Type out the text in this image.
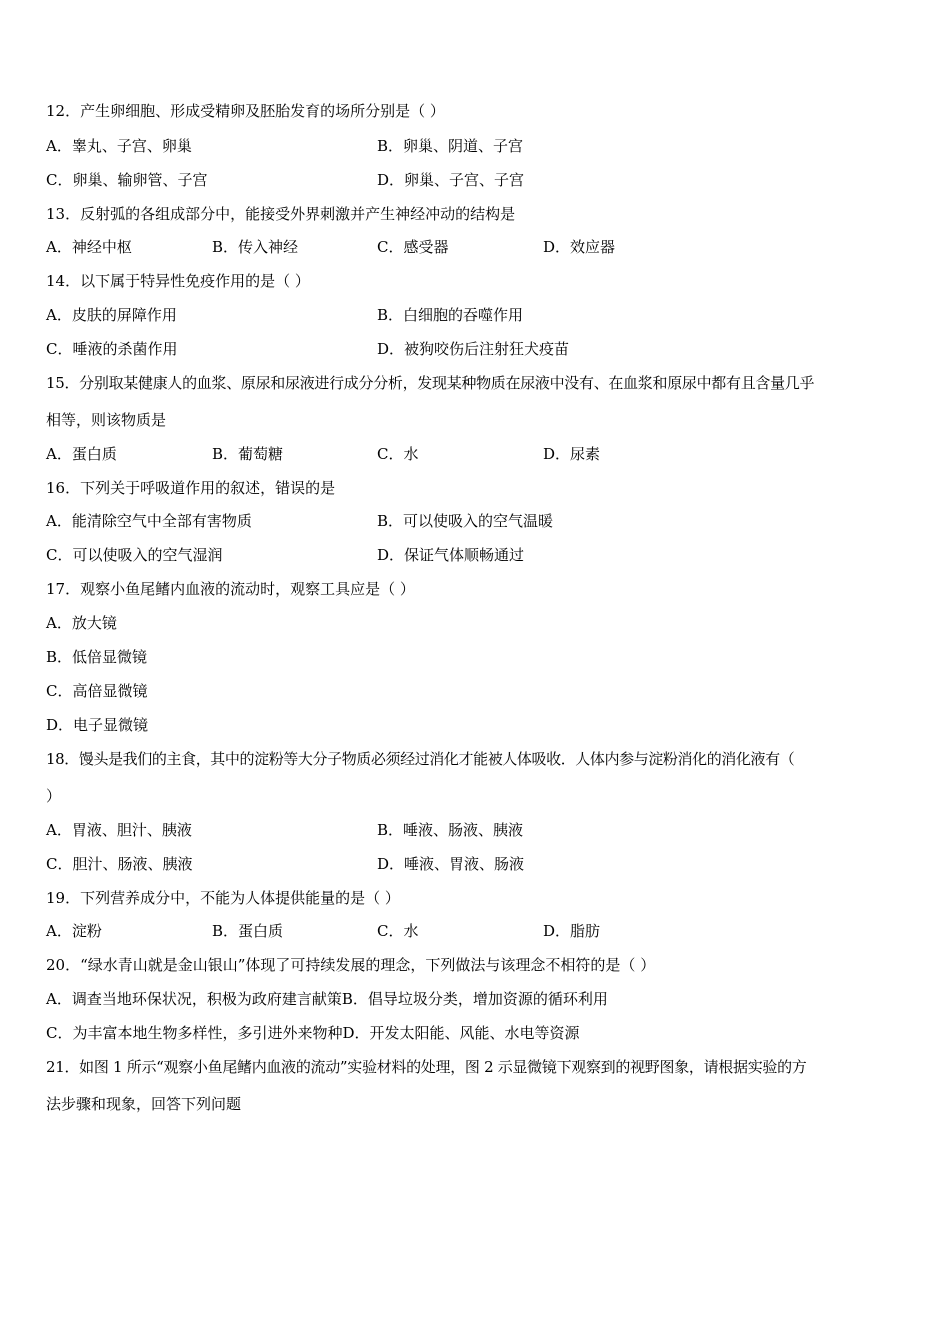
12．产生卵细胞、形成受精卵及胚胎发育的场所分别是（ ）
A．睾丸、子宫、卵巢	B．卵巢、阴道、子宫
C．卵巢、输卵管、子宫	D．卵巢、子宫、子宫
13．反射弧的各组成部分中，能接受外界刺激并产生神经冲动的结构是
A．神经中枢	B．传入神经	C．感受器	D．效应器
14．以下属于特异性免疫作用的是（ ）
A．皮肤的屏障作用	B．白细胞的吞噬作用
C．唾液的杀菌作用	D．被狗咬伤后注射狂犬疫苗
15．分别取某健康人的血浆、原尿和尿液进行成分分析，发现某种物质在尿液中没有、在血浆和原尿中都有且含量几乎
相等，则该物质是
A．蛋白质	B．葡萄糖	C．水	D．尿素
16．下列关于呼吸道作用的叙述，错误的是
A．能清除空气中全部有害物质	B．可以使吸入的空气温暖
C．可以使吸入的空气湿润	D．保证气体顺畅通过
17．观察小鱼尾鳍内血液的流动时，观察工具应是（ ）
A．放大镜
B．低倍显微镜
C．高倍显微镜
D．电子显微镜
18．馒头是我们的主食，其中的淀粉等大分子物质必须经过消化才能被人体吸收．人体内参与淀粉消化的消化液有（
）
A．胃液、胆汁、胰液	B．唾液、肠液、胰液
C．胆汁、肠液、胰液	D．唾液、胃液、肠液
19．下列营养成分中，不能为人体提供能量的是（ ）
A．淀粉	B．蛋白质	C．水	D．脂肪
20．“绿水青山就是金山银山”体现了可持续发展的理念，下列做法与该理念不相符的是（ ）
A．调查当地环保状况，积极为政府建言献策B．倡导垃圾分类，增加资源的循环利用
C．为丰富本地生物多样性，多引进外来物种D．开发太阳能、风能、水电等资源
21．如图 1 所示“观察小鱼尾鳍内血液的流动”实验材料的处理，图 2 示显微镜下观察到的视野图象，请根据实验的方
法步骤和现象，回答下列问题
